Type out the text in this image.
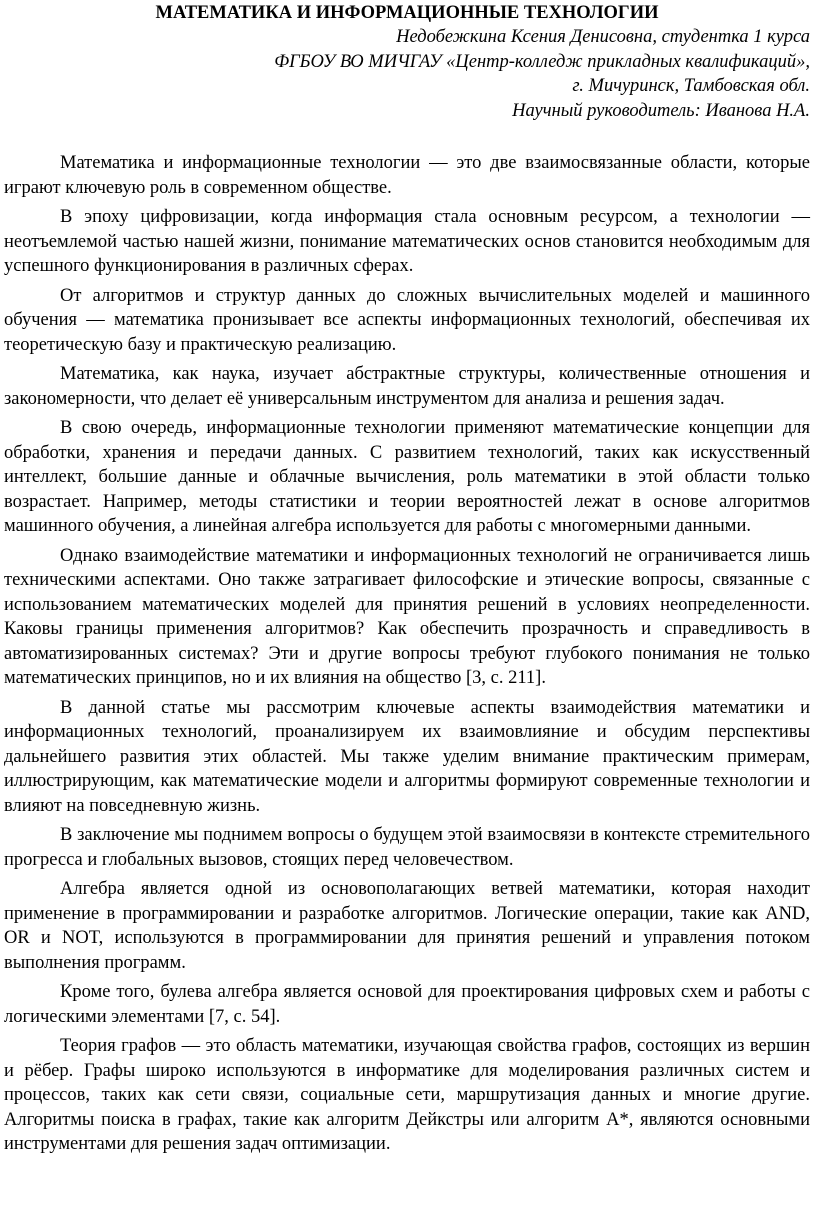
МАТЕМАТИКА И ИНФОРМАЦИОННЫЕ ТЕХНОЛОГИИ
Недобежкина Ксения Денисовна, студентка 1 курса
ФГБОУ ВО МИЧГАУ «Центр-колледж прикладных квалификаций»,
г. Мичуринск, Тамбовская обл.
Научный руководитель: Иванова Н.А.

Математика и информационные технологии — это две взаимосвязанные области, которые играют ключевую роль в современном обществе.

В эпоху цифровизации, когда информация стала основным ресурсом, а технологии — неотъемлемой частью нашей жизни, понимание математических основ становится необходимым для успешного функционирования в различных сферах.

От алгоритмов и структур данных до сложных вычислительных моделей и машинного обучения — математика пронизывает все аспекты информационных технологий, обеспечивая их теоретическую базу и практическую реализацию.

Математика, как наука, изучает абстрактные структуры, количественные отношения и закономерности, что делает её универсальным инструментом для анализа и решения задач.

В свою очередь, информационные технологии применяют математические концепции для обработки, хранения и передачи данных. С развитием технологий, таких как искусственный интеллект, большие данные и облачные вычисления, роль математики в этой области только возрастает. Например, методы статистики и теории вероятностей лежат в основе алгоритмов машинного обучения, а линейная алгебра используется для работы с многомерными данными.

Однако взаимодействие математики и информационных технологий не ограничивается лишь техническими аспектами. Оно также затрагивает философские и этические вопросы, связанные с использованием математических моделей для принятия решений в условиях неопределенности. Каковы границы применения алгоритмов? Как обеспечить прозрачность и справедливость в автоматизированных системах? Эти и другие вопросы требуют глубокого понимания не только математических принципов, но и их влияния на общество [3, с. 211].

В данной статье мы рассмотрим ключевые аспекты взаимодействия математики и информационных технологий, проанализируем их взаимовлияние и обсудим перспективы дальнейшего развития этих областей. Мы также уделим внимание практическим примерам, иллюстрирующим, как математические модели и алгоритмы формируют современные технологии и влияют на повседневную жизнь.

В заключение мы поднимем вопросы о будущем этой взаимосвязи в контексте стремительного прогресса и глобальных вызовов, стоящих перед человечеством.

Алгебра является одной из основополагающих ветвей математики, которая находит применение в программировании и разработке алгоритмов. Логические операции, такие как AND, OR и NOT, используются в программировании для принятия решений и управления потоком выполнения программ.

Кроме того, булева алгебра является основой для проектирования цифровых схем и работы с логическими элементами [7, с. 54].

Теория графов — это область математики, изучающая свойства графов, состоящих из вершин и рёбер. Графы широко используются в информатике для моделирования различных систем и процессов, таких как сети связи, социальные сети, маршрутизация данных и многие другие. Алгоритмы поиска в графах, такие как алгоритм Дейкстры или алгоритм A*, являются основными инструментами для решения задач оптимизации.
